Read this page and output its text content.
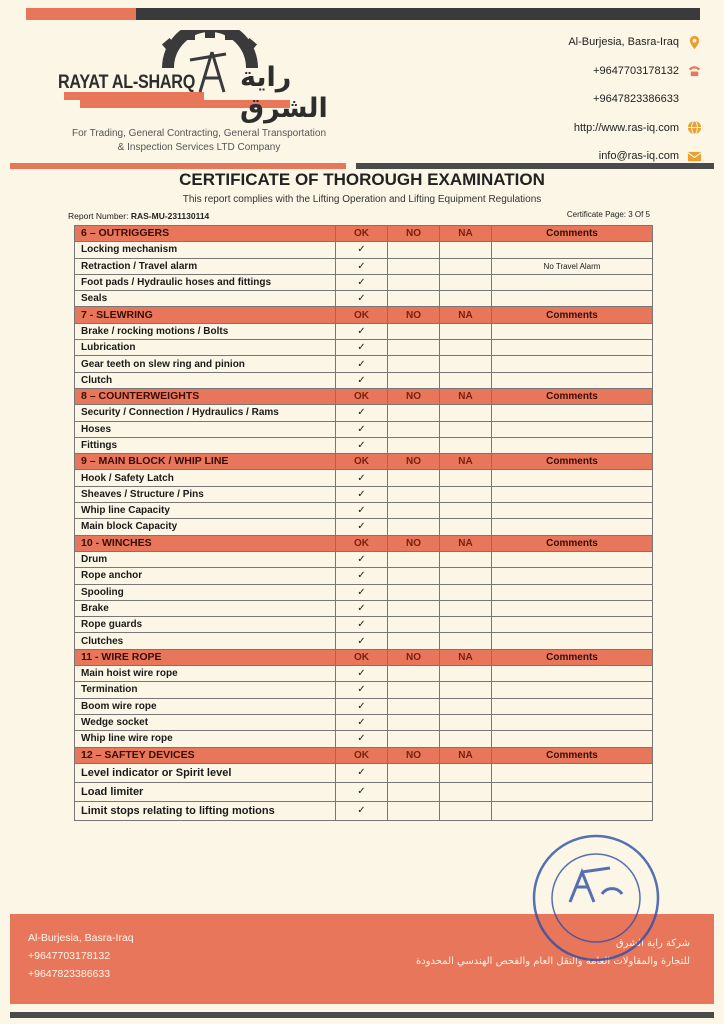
RAYAT AL-SHARQ راية الشرق
For Trading, General Contracting, General Transportation
& Inspection Services LTD Company
Al-Burjesia, Basra-Iraq
+9647703178132
+9647823386633
http://www.ras-iq.com
info@ras-iq.com
CERTIFICATE OF THOROUGH EXAMINATION
This report complies with the Lifting Operation and Lifting Equipment Regulations
Report Number: RAS-MU-231130114	Certificate Page: 3 Of 5
6 – OUTRIGGERS	OK	NO	NA	Comments
Locking mechanism	✓			
Retraction / Travel alarm	✓			No Travel Alarm
Foot pads / Hydraulic hoses and fittings	✓			
Seals	✓			
7 - SLEWRING	OK	NO	NA	Comments
Brake / rocking motions / Bolts	✓			
Lubrication	✓			
Gear teeth on slew ring and pinion	✓			
Clutch	✓			
8 – COUNTERWEIGHTS	OK	NO	NA	Comments
Security / Connection / Hydraulics / Rams	✓			
Hoses	✓			
Fittings	✓			
9 – MAIN BLOCK / WHIP LINE	OK	NO	NA	Comments
Hook / Safety Latch	✓			
Sheaves / Structure / Pins	✓			
Whip line Capacity	✓			
Main block Capacity	✓			
10 - WINCHES	OK	NO	NA	Comments
Drum	✓			
Rope anchor	✓			
Spooling	✓			
Brake	✓			
Rope guards	✓			
Clutches	✓			
11 - WIRE ROPE	OK	NO	NA	Comments
Main hoist wire rope	✓			
Termination	✓			
Boom wire rope	✓			
Wedge socket	✓			
Whip line wire rope	✓			
12 – SAFTEY DEVICES	OK	NO	NA	Comments
Level indicator or Spirit level	✓			
Load limiter	✓			
Limit stops relating to lifting motions	✓			
Al-Burjesia, Basra-Iraq
+9647703178132
+9647823386633
شركة راية الشرق
للتجارة والمقاولات العامة والنقل العام والفحص الهندسي المحدودة
